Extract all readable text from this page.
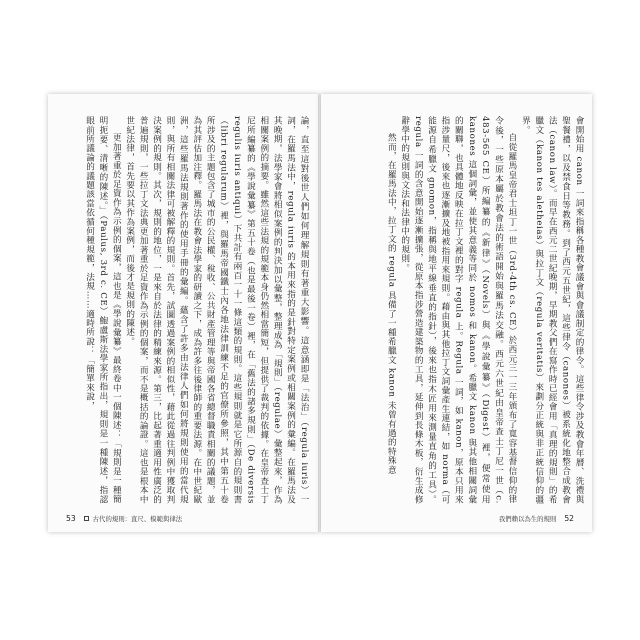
論，直至這對後世人們如何理解規則有著重大影響。這意涵即是「法治」（regula iuris）一詞，在羅馬法中，regula iuris 的本用來指的是針對特定案例或相關案例的彙編。在羅馬法及其晚期，法學家會將相似案例的判決加以彙整，整理成為「規則」（regulae）彙整起來，作為相關案例的摘要。雖然這些法規的規範本身仍然相當簡短，但提供了裁判的依據。在皇帝查士丁尼所編纂的《學說彙纂》第五十卷（也是最後一卷）裡，在「舊法的諸多規則」（De diversis regulis iuris antiqui）下共計有兩百一十一條這類的規則。這些規則就是它所源自的規則書（libri regularum）裡，與羅馬帝國鐵士內各地法律訓練不足的官僚所參照，其中第五十卷所涉及的主題包含了城市的公民權、稅收、公共財產管理等與帝國各省總督職責相關的議題，並為其評估加注釋。羅馬法在教會法學家的研讀之下，成為許多往後律師的重要法源。在中世紀歐洲，這些羅馬法規則著作的使用手冊的彙編。蘊含了許多由法律人們如何將規則使用的當代規則，與所有相關法律可被解釋的規則。首先，試圖透過案例的相似性，藉此從過往判例中獲取判決案例的規則。其次，規則的地位，一是來自於法律的精練來源。第三，比起著重適用性廣泛的普遍規則，一些拉丁文法典更加著重於足資作為示例的個案，而不是概括的論證。這也是根本中世紀法律，首先要以其作為案例，而後才是規則的陳述。

更加著重於足資作為示例的個案，這也是《學說彙纂》最終卷中一個陳述：「規則是一種簡明扼要、清晰的陳述。」（Paulus, 3rd c. CE）鮑盧斯法學家所指出，規則是一種陳述，指認眼前所議論的議題該當依循何種規範，法規……適時所說：「簡單來說，

53	古代的規則：直尺、模範與律法

會開始用 canon 一詞來指稱各種教會議會與會議制定的律令。這些律令涉及教會年曆、洗禮與聖餐禮，以及禁食日等教務。到了西元五世紀，這些律令（canones）被系統化地整合成教會法（canon law）。而早在西元二世紀晚期，早期教父們在寫作時已經會用「真理的規則」的希臘文（kanon tes aletheias）與拉丁文（regula veritatis）來劃分正統與非正統信仰的疆界。

自從羅馬皇帝君士坦丁一世（3rd-4th cs. CE）於西元三一三年頒布了寬容基督信仰的律令後，一些原本屬於教會法的術語開始與羅馬法交融。西元六世紀由皇帝查士丁尼一世（c. 483-565 CE）所編纂的《新律》（Novels）與《學說彙纂》（Digest）裡，便常使用 kanones 這個詞彙，並使其意義等同於 nomos 和 kanon。希臘文 kanon 與其他相關詞彙的關聯，也具體地反映在拉丁文裡的對字 regula 上。Regula 一詞，如 kanon，原本只用來指涉量尺，後來也逐漸擴及地被指用來規則。藉由與其他拉丁文詞彙產生連結，如 norma（可能源自希臘文 gnomon，指稱與地平線垂直的指針），後來也指木匠用來測量直角的工具）。regula 一詞的含意開始逐漸擴張，從原本指涉營造建築物的工具，延伸到長條木板，衍生成修辭學中的規則與文法和法律中的規則。

然而，在羅馬法中，拉丁文的 regula 具備了一種希臘文 kanon 未曾有過的特殊意

我們賴以為生的規則 52
